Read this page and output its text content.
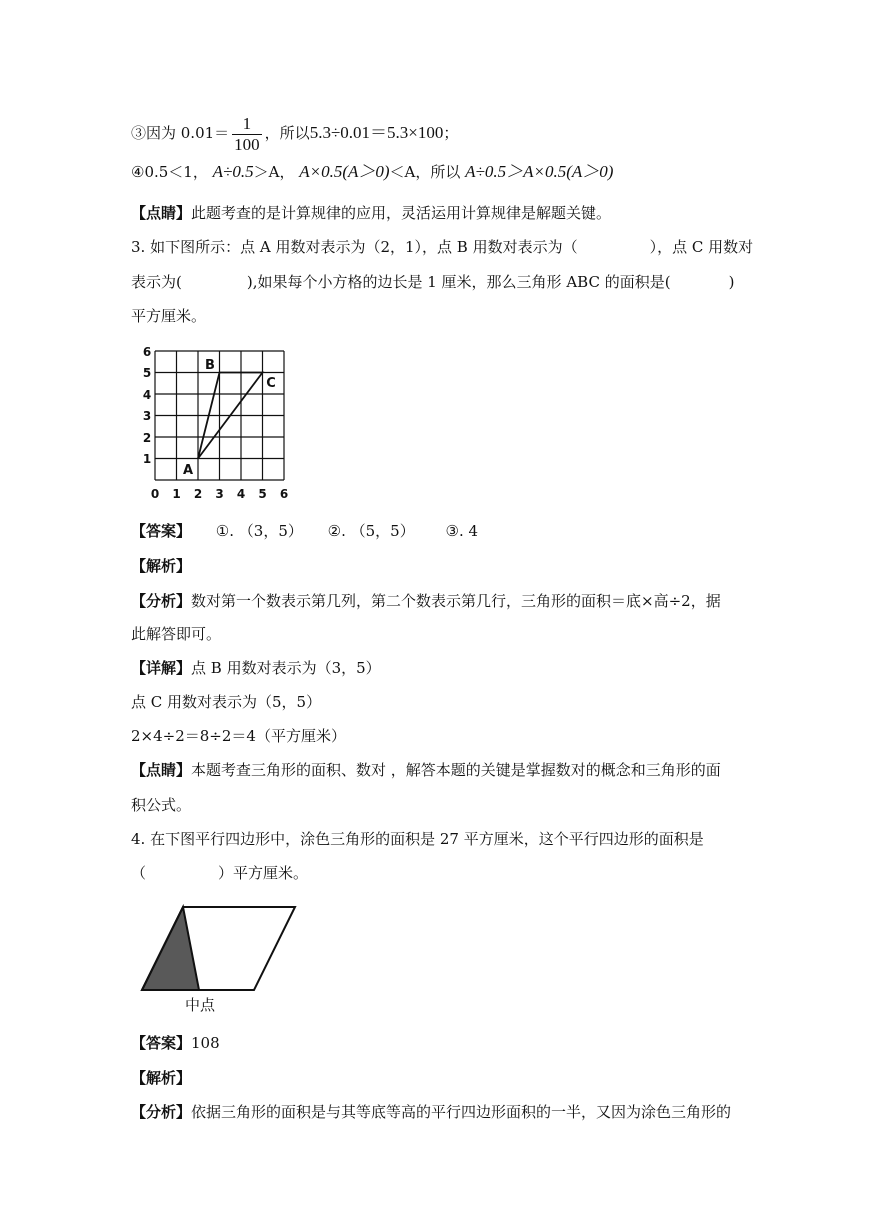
③因为 $0.01= \frac{1}{100}$ ，所以5.3÷0.01＝5.3×100；
④0.5＜1， A÷0.5＞A， A×0.5(A＞0)＜A，所以 A÷0.5＞A×0.5(A＞0)
【点睛】此题考查的是计算规律的应用，灵活运用计算规律是解题关键。
3. 如下图所示：点 A 用数对表示为（2，1），点 B 用数对表示为（	），点 C 用数对
表示为(	),如果每个小方格的边长是 1 厘米，那么三角形 ABC 的面积是(	)
平方厘米。
6
5
4
3
2
1
0 1 2 3 4 5 6
A
B
C
【答案】 ①. （3，5） ②. （5，5） ③. 4
【解析】
【分析】数对第一个数表示第几列，第二个数表示第几行，三角形的面积＝底×高÷2，据
此解答即可。
【详解】点 B 用数对表示为（3，5）
点 C 用数对表示为（5，5）
2×4÷2＝8÷2＝4（平方厘米）
【点睛】本题考查三角形的面积、数对 ，解答本题的关键是掌握数对的概念和三角形的面
积公式。
4. 在下图平行四边形中，涂色三角形的面积是 27 平方厘米，这个平行四边形的面积是
（	）平方厘米。
中点
【答案】108
【解析】
【分析】依据三角形的面积是与其等底等高的平行四边形面积的一半，又因为涂色三角形的
